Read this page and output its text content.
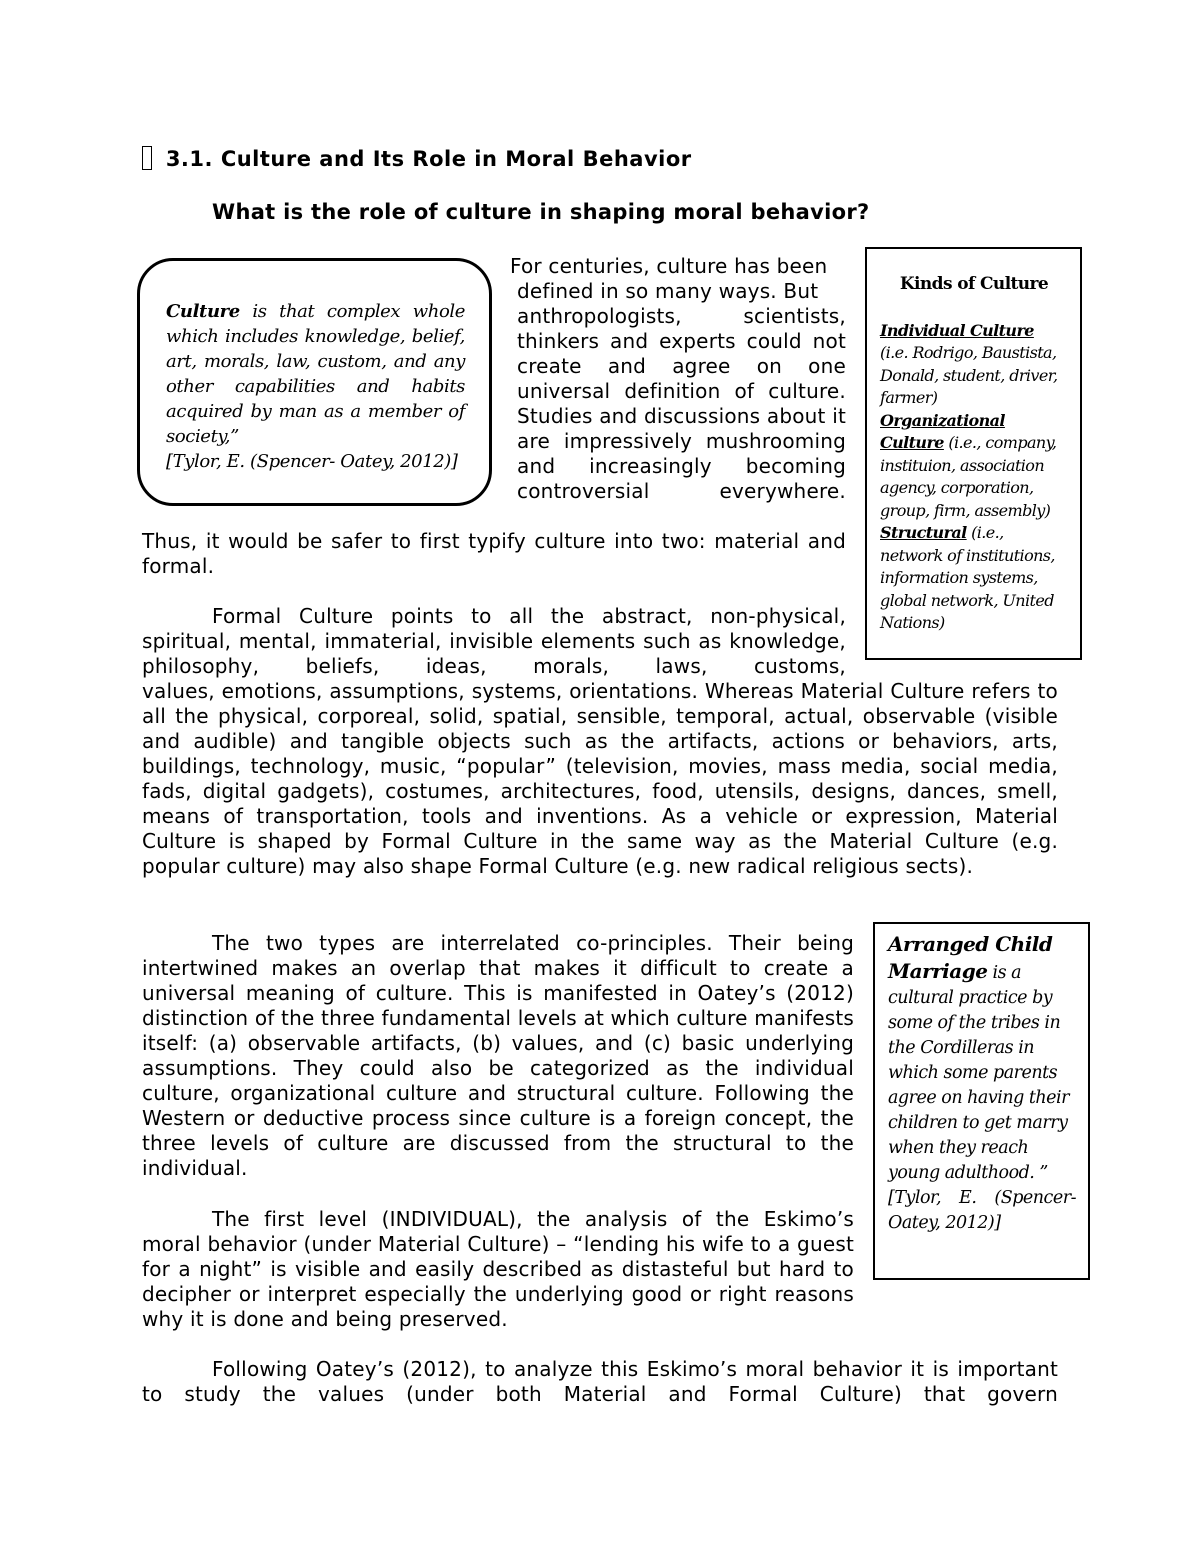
3.1. Culture and Its Role in Moral Behavior
What is the role of culture in shaping moral behavior?
Culture is that complex whole which includes knowledge, belief, art, morals, law, custom, and any other capabilities and habits acquired by man as a member of society,”
[Tylor, E. (Spencer- Oatey, 2012)]

For centuries, culture has been

defined in so many ways. But

anthropologists, scientists, thinkers and experts could not create and agree on one universal definition of culture. Studies and discussions about it are impressively mushrooming and increasingly becoming controversial everywhere.

Thus, it would be safer to first typify culture into two: material and formal.

Formal Culture points to all the abstract, non-physical, spiritual, mental, immaterial, invisible elements such as knowledge, philosophy, beliefs, ideas, morals, laws, customs,

values, emotions, assumptions, systems, orientations. Whereas Material Culture refers to all the physical, corporeal, solid, spatial, sensible, temporal, actual, observable (visible and audible) and tangible objects such as the artifacts, actions or behaviors, arts, buildings, technology, music, “popular” (television, movies, mass media, social media, fads, digital gadgets), costumes, architectures, food, utensils, designs, dances, smell, means of transportation, tools and inventions. As a vehicle or expression, Material Culture is shaped by Formal Culture in the same way as the Material Culture (e.g. popular culture) may also shape Formal Culture (e.g. new radical religious sects).

Kinds of Culture
Individual Culture
(i.e. Rodrigo, Baustista, Donald, student, driver, farmer)
Organizational Culture (i.e., company, instituion, association agency, corporation, group, firm, assembly)
Structural (i.e., network of institutions, information systems, global network, United Nations)

The two types are interrelated co-principles. Their being intertwined makes an overlap that makes it difficult to create a universal meaning of culture. This is manifested in Oatey’s (2012) distinction of the three fundamental levels at which culture manifests itself: (a) observable artifacts, (b) values, and (c) basic underlying assumptions. They could also be categorized as the individual culture, organizational culture and structural culture. Following the Western or deductive process since culture is a foreign concept, the three levels of culture are discussed from the structural to the individual.

Arranged Child Marriage is a cultural practice by some of the tribes in the Cordilleras in which some parents agree on having their children to get marry when they reach young adulthood. ”
[Tylor, E. (Spencer- Oatey, 2012)]

The first level (INDIVIDUAL), the analysis of the Eskimo’s moral behavior (under Material Culture) – “lending his wife to a guest for a night” is visible and easily described as distasteful but hard to decipher or interpret especially the underlying good or right reasons why it is done and being preserved.

Following Oatey’s (2012), to analyze this Eskimo’s moral behavior it is important to study the values (under both Material and Formal Culture) that govern
